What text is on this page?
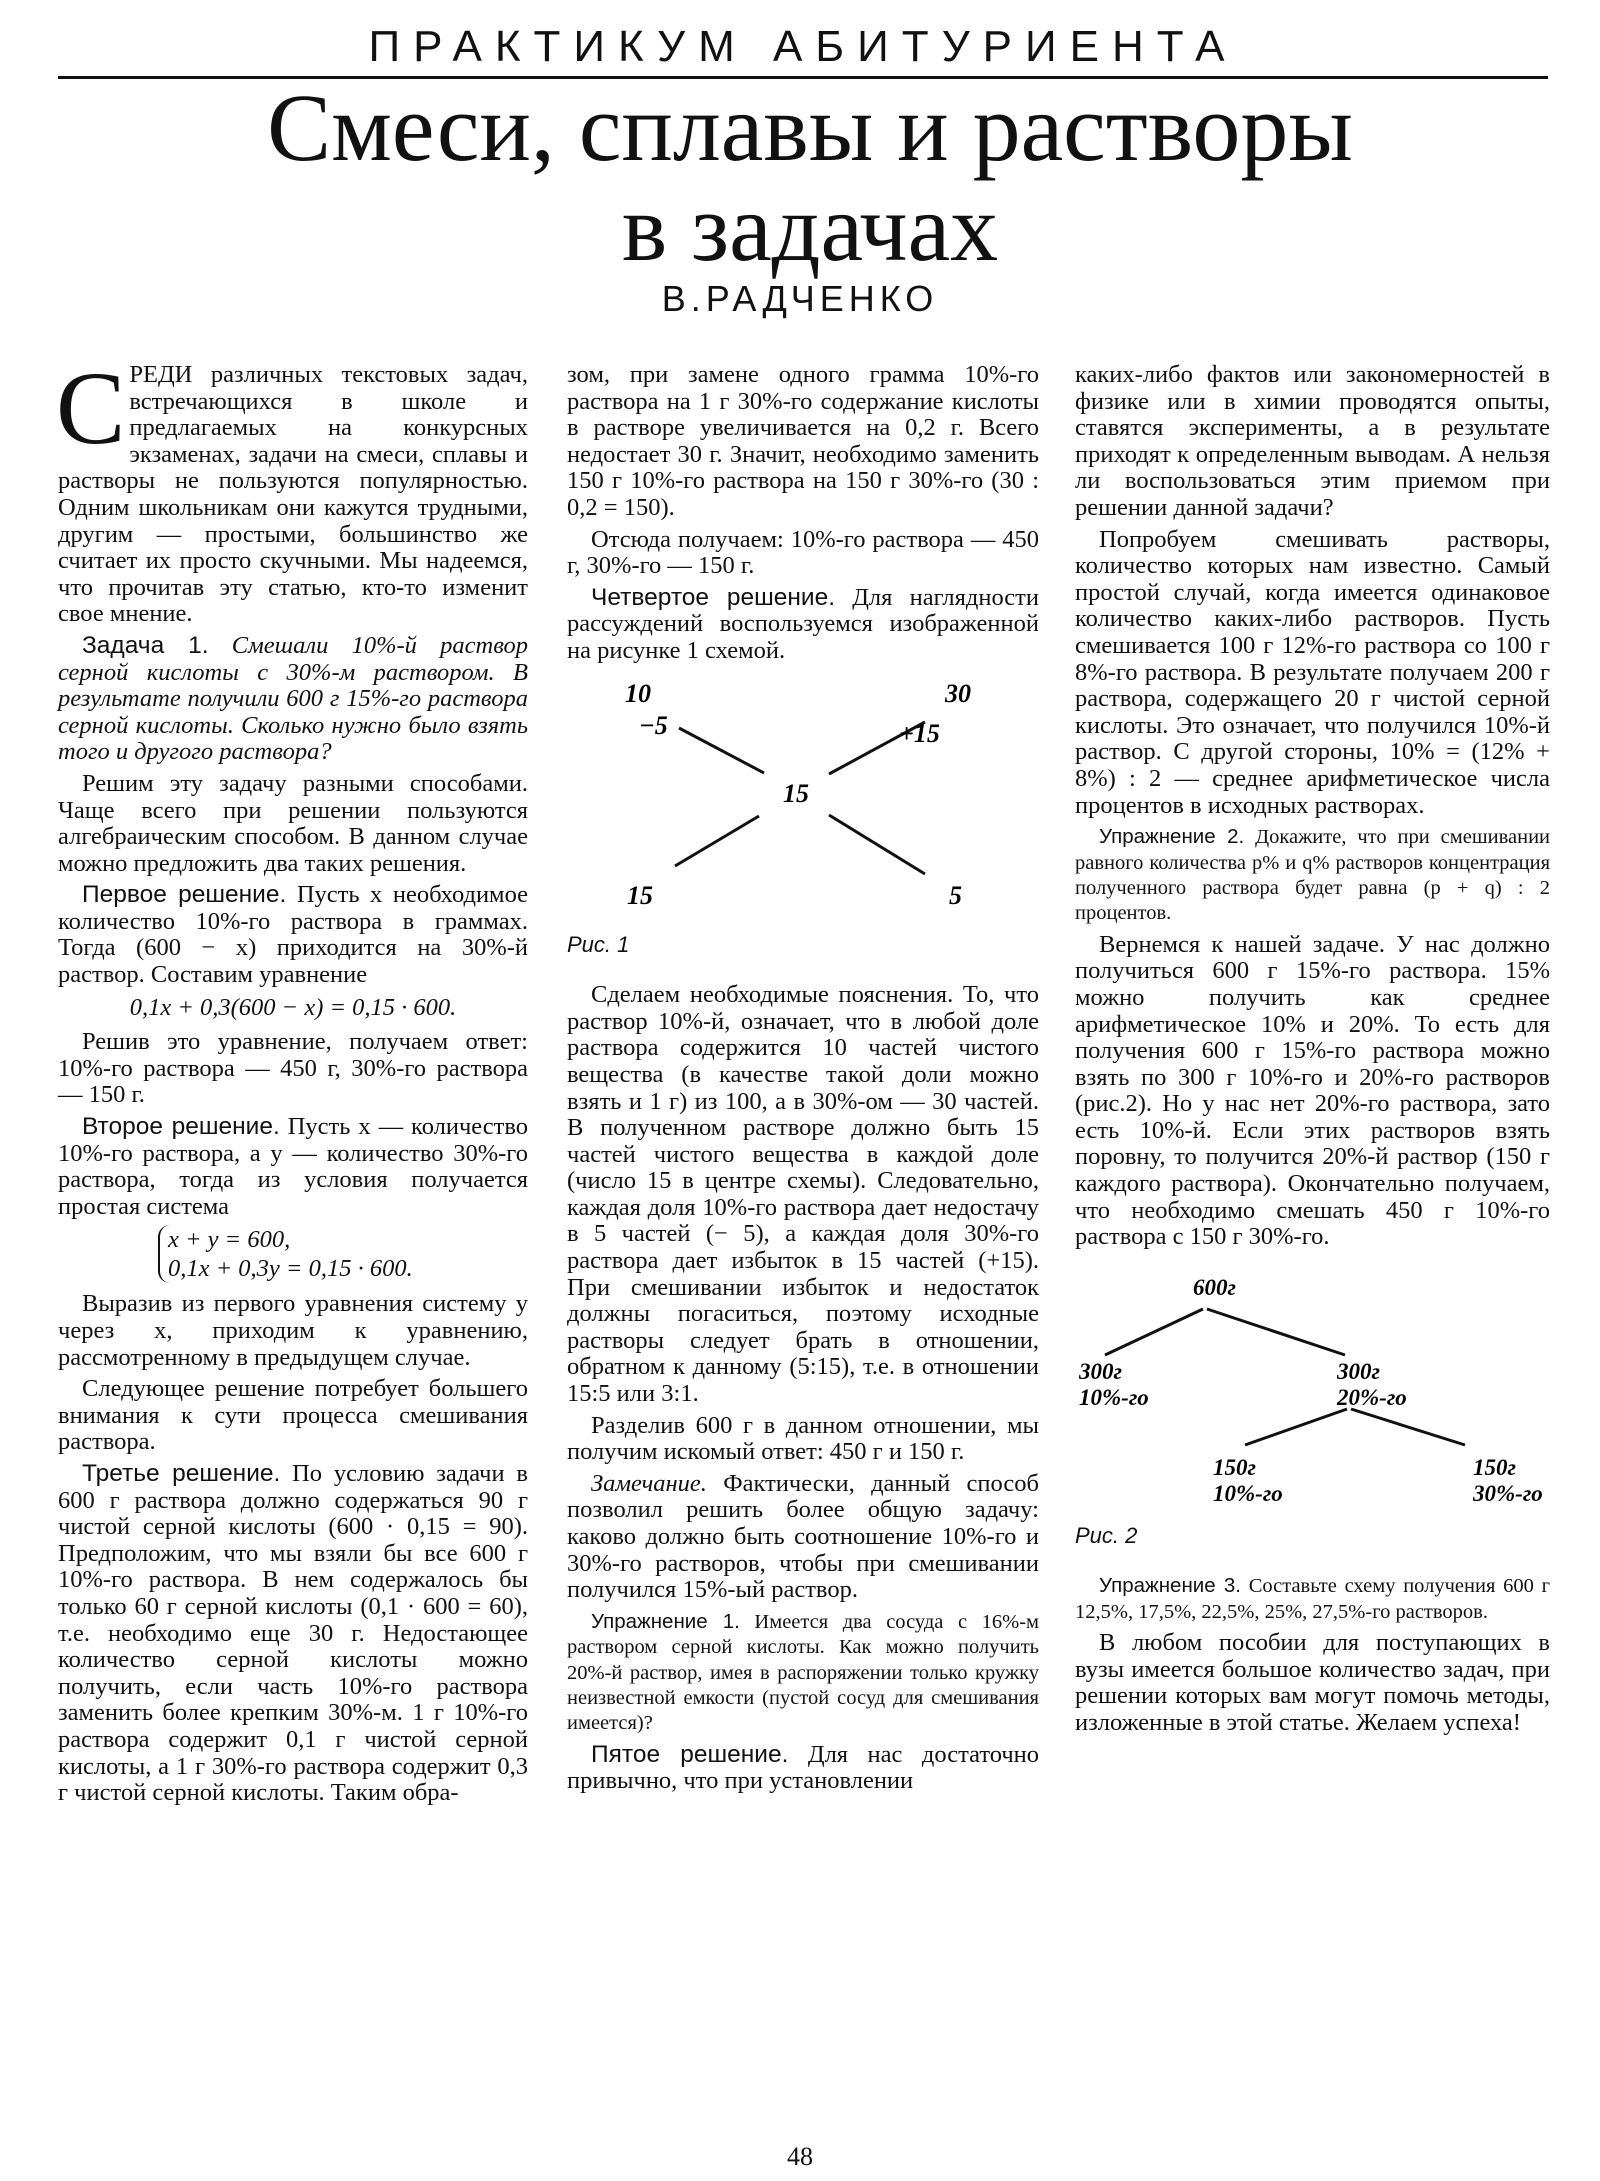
ПРАКТИКУМ АБИТУРИЕНТА
Смеси, сплавы и растворы
в задачах
В.РАДЧЕНКО

СРЕДИ различных текстовых задач, встречающихся в школе и предлагаемых на конкурсных экзаменах, задачи на смеси, сплавы и растворы не пользуются популярностью. Одним школьникам они кажутся трудными, другим — простыми, большинство же считает их просто скучными. Мы надеемся, что прочитав эту статью, кто-то изменит свое мнение.

Задача 1. Смешали 10%-й раствор серной кислоты с 30%-м раствором. В результате получили 600 г 15%-го раствора серной кислоты. Сколько нужно было взять того и другого раствора?

Решим эту задачу разными способами. Чаще всего при решении пользуются алгебраическим способом. В данном случае можно предложить два таких решения.

Первое решение. Пусть x необходимое количество 10%-го раствора в граммах. Тогда (600 − x) приходится на 30%-й раствор. Составим уравнение

0,1x + 0,3(600 − x) = 0,15 · 600.

Решив это уравнение, получаем ответ: 10%-го раствора — 450 г, 30%-го раствора — 150 г.

Второе решение. Пусть x — количество 10%-го раствора, а y — количество 30%-го раствора, тогда из условия получается простая система

x + y = 600,
0,1x + 0,3y = 0,15 · 600.

Выразив из первого уравнения систему y через x, приходим к уравнению, рассмотренному в предыдущем случае.

Следующее решение потребует большего внимания к сути процесса смешивания раствора.

Третье решение. По условию задачи в 600 г раствора должно содержаться 90 г чистой серной кислоты (600 · 0,15 = 90). Предположим, что мы взяли бы все 600 г 10%-го раствора. В нем содержалось бы только 60 г серной кислоты (0,1 · 600 = 60), т.е. необходимо еще 30 г. Недостающее количество серной кислоты можно получить, если часть 10%-го раствора заменить более крепким 30%-м. 1 г 10%-го раствора содержит 0,1 г чистой серной кислоты, а 1 г 30%-го раствора содержит 0,3 г чистой серной кислоты. Таким обра-

зом, при замене одного грамма 10%-го раствора на 1 г 30%-го содержание кислоты в растворе увеличивается на 0,2 г. Всего недостает 30 г. Значит, необходимо заменить 150 г 10%-го раствора на 150 г 30%-го (30 : 0,2 = 150).

Отсюда получаем: 10%-го раствора — 450 г, 30%-го — 150 г.

Четвертое решение. Для наглядности рассуждений воспользуемся изображенной на рисунке 1 схемой.

10	30
−5	+15
15
15	5

Рис. 1

Сделаем необходимые пояснения. То, что раствор 10%-й, означает, что в любой доле раствора содержится 10 частей чистого вещества (в качестве такой доли можно взять и 1 г) из 100, а в 30%-ом — 30 частей. В полученном растворе должно быть 15 частей чистого вещества в каждой доле (число 15 в центре схемы). Следовательно, каждая доля 10%-го раствора дает недостачу в 5 частей (− 5), а каждая доля 30%-го раствора дает избыток в 15 частей (+15). При смешивании избыток и недостаток должны погаситься, поэтому исходные растворы следует брать в отношении, обратном к данному (5:15), т.е. в отношении 15:5 или 3:1.

Разделив 600 г в данном отношении, мы получим искомый ответ: 450 г и 150 г.

Замечание. Фактически, данный способ позволил решить более общую задачу: каково должно быть соотношение 10%-го и 30%-го растворов, чтобы при смешивании получился 15%-ый раствор.

Упражнение 1. Имеется два сосуда с 16%-м раствором серной кислоты. Как можно получить 20%-й раствор, имея в распоряжении только кружку неизвестной емкости (пустой сосуд для смешивания имеется)?

Пятое решение. Для нас достаточно привычно, что при установлении

каких-либо фактов или закономерностей в физике или в химии проводятся опыты, ставятся эксперименты, а в результате приходят к определенным выводам. А нельзя ли воспользоваться этим приемом при решении данной задачи?

Попробуем смешивать растворы, количество которых нам известно. Самый простой случай, когда имеется одинаковое количество каких-либо растворов. Пусть смешивается 100 г 12%-го раствора со 100 г 8%-го раствора. В результате получаем 200 г раствора, содержащего 20 г чистой серной кислоты. Это означает, что получился 10%-й раствор. С другой стороны, 10% = (12% + 8%) : 2 — среднее арифметическое числа процентов в исходных растворах.

Упражнение 2. Докажите, что при смешивании равного количества p% и q% растворов концентрация полученного раствора будет равна (p + q) : 2 процентов.

Вернемся к нашей задаче. У нас должно получиться 600 г 15%-го раствора. 15% можно получить как среднее арифметическое 10% и 20%. То есть для получения 600 г 15%-го раствора можно взять по 300 г 10%-го и 20%-го растворов (рис.2). Но у нас нет 20%-го раствора, зато есть 10%-й. Если этих растворов взять поровну, то получится 20%-й раствор (150 г каждого раствора). Окончательно получаем, что необходимо смешать 450 г 10%-го раствора с 150 г 30%-го.

600г
300г
10%-го
300г
20%-го
150г
10%-го
150г
30%-го

Рис. 2

Упражнение 3. Составьте схему получения 600 г 12,5%, 17,5%, 22,5%, 25%, 27,5%-го растворов.

В любом пособии для поступающих в вузы имеется большое количество задач, при решении которых вам могут помочь методы, изложенные в этой статье. Желаем успеха!

48
